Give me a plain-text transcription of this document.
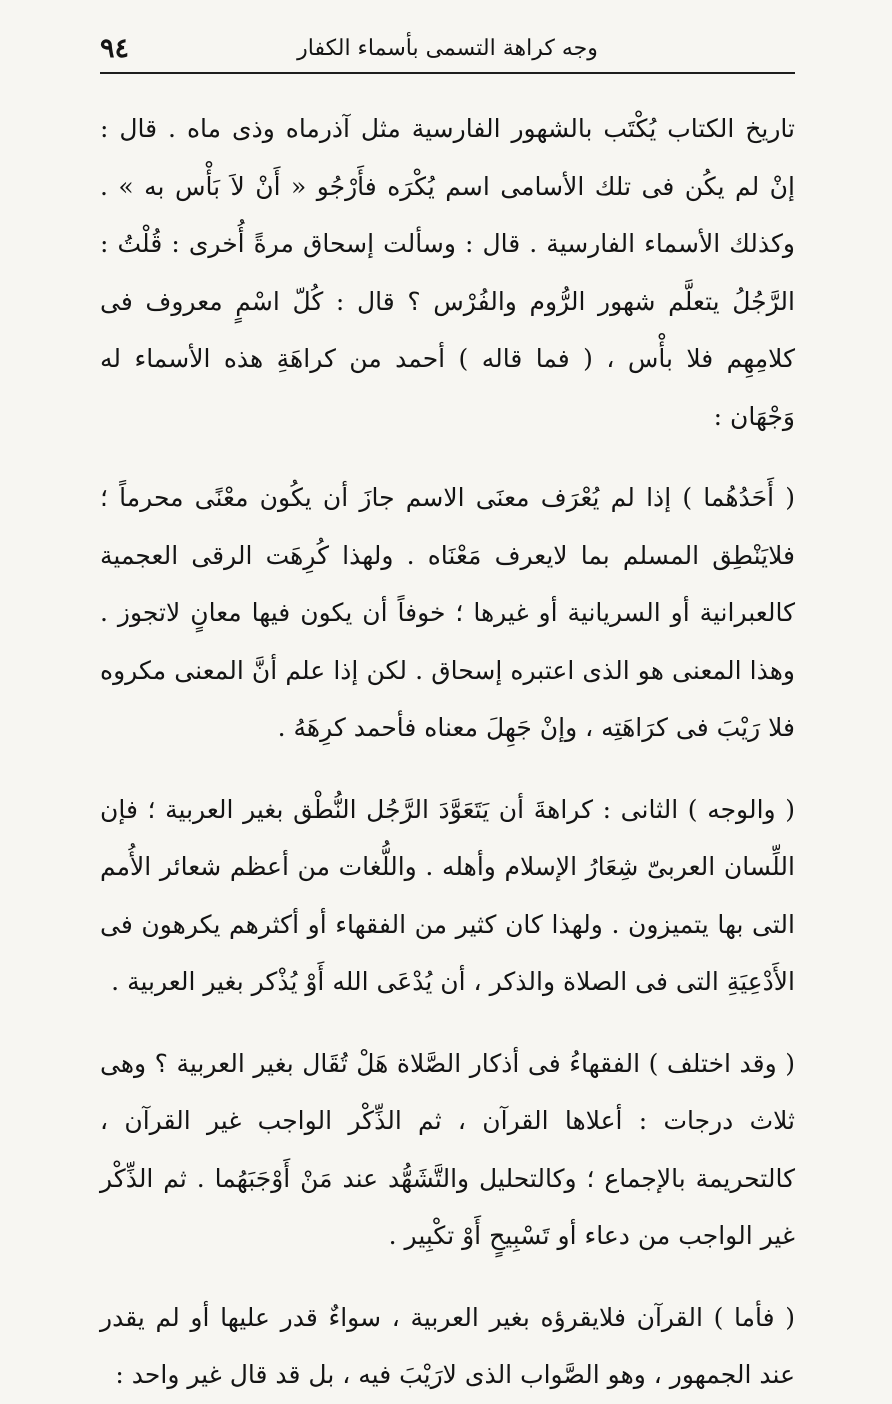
٩٤	وجه كراهة التسمى بأسماء الكفار

تاريخ الكتاب يُكْتَب بالشهور الفارسية مثل آذرماه وذى ماه . قال : إنْ لم يكُن فى تلك الأسامى اسم يُكْرَه فأَرْجُو « أَنْ لاَ بَأْس به » . وكذلك الأسماء الفارسية . قال : وسألت إسحاق مرةً أُخرى : قُلْتُ : الرَّجُلُ يتعلَّم شهور الرُّوم والفُرْس ؟ قال : كُلّ اسْمٍ معروف فى كلامِهِم فلا بأْس ، ( فما قاله ) أحمد من كراهَةِ هذه الأسماء له وَجْهَان :

( أَحَدُهُما ) إذا لم يُعْرَف معنَى الاسم جازَ أن يكُون معْنًى محرماً ؛ فلايَنْطِق المسلم بما لايعرف مَعْنَاه . ولهذا كُرِهَت الرقى العجمية كالعبرانية أو السريانية أو غيرها ؛ خوفاً أن يكون فيها معانٍ لاتجوز . وهذا المعنى هو الذى اعتبره إسحاق . لكن إذا علم أنَّ المعنى مكروه فلا رَيْبَ فى كرَاهَتِه ، وإنْ جَهِلَ معناه فأحمد كرِهَهُ .

( والوجه ) الثانى : كراهةَ أن يَتَعَوَّدَ الرَّجُل النُّطْق بغير العربية ؛ فإن اللِّسان العربىّ شِعَارُ الإسلام وأهله . واللُّغات من أعظم شعائر الأُمم التى بها يتميزون . ولهذا كان كثير من الفقهاء أو أكثرهم يكرهون فى الأَدْعِيَةِ التى فى الصلاة والذكر ، أن يُدْعَى الله أَوْ يُذْكر بغير العربية .

( وقد اختلف ) الفقهاءُ فى أذكار الصَّلاة هَلْ تُقَال بغير العربية ؟ وهى ثلاث درجات : أعلاها القرآن ، ثم الذِّكْر الواجب غير القرآن ، كالتحريمة بالإجماع ؛ وكالتحليل والتَّشَهُّد عند مَنْ أَوْجَبَهُما . ثم الذِّكْر غير الواجب من دعاء أو تَسْبِيحٍ أَوْ تكْبِير .

( فأما ) القرآن فلايقرؤه بغير العربية ، سواءٌ قدر عليها أو لم يقدر عند الجمهور ، وهو الصَّواب الذى لارَيْبَ فيه ، بل قد قال غير واحد :
